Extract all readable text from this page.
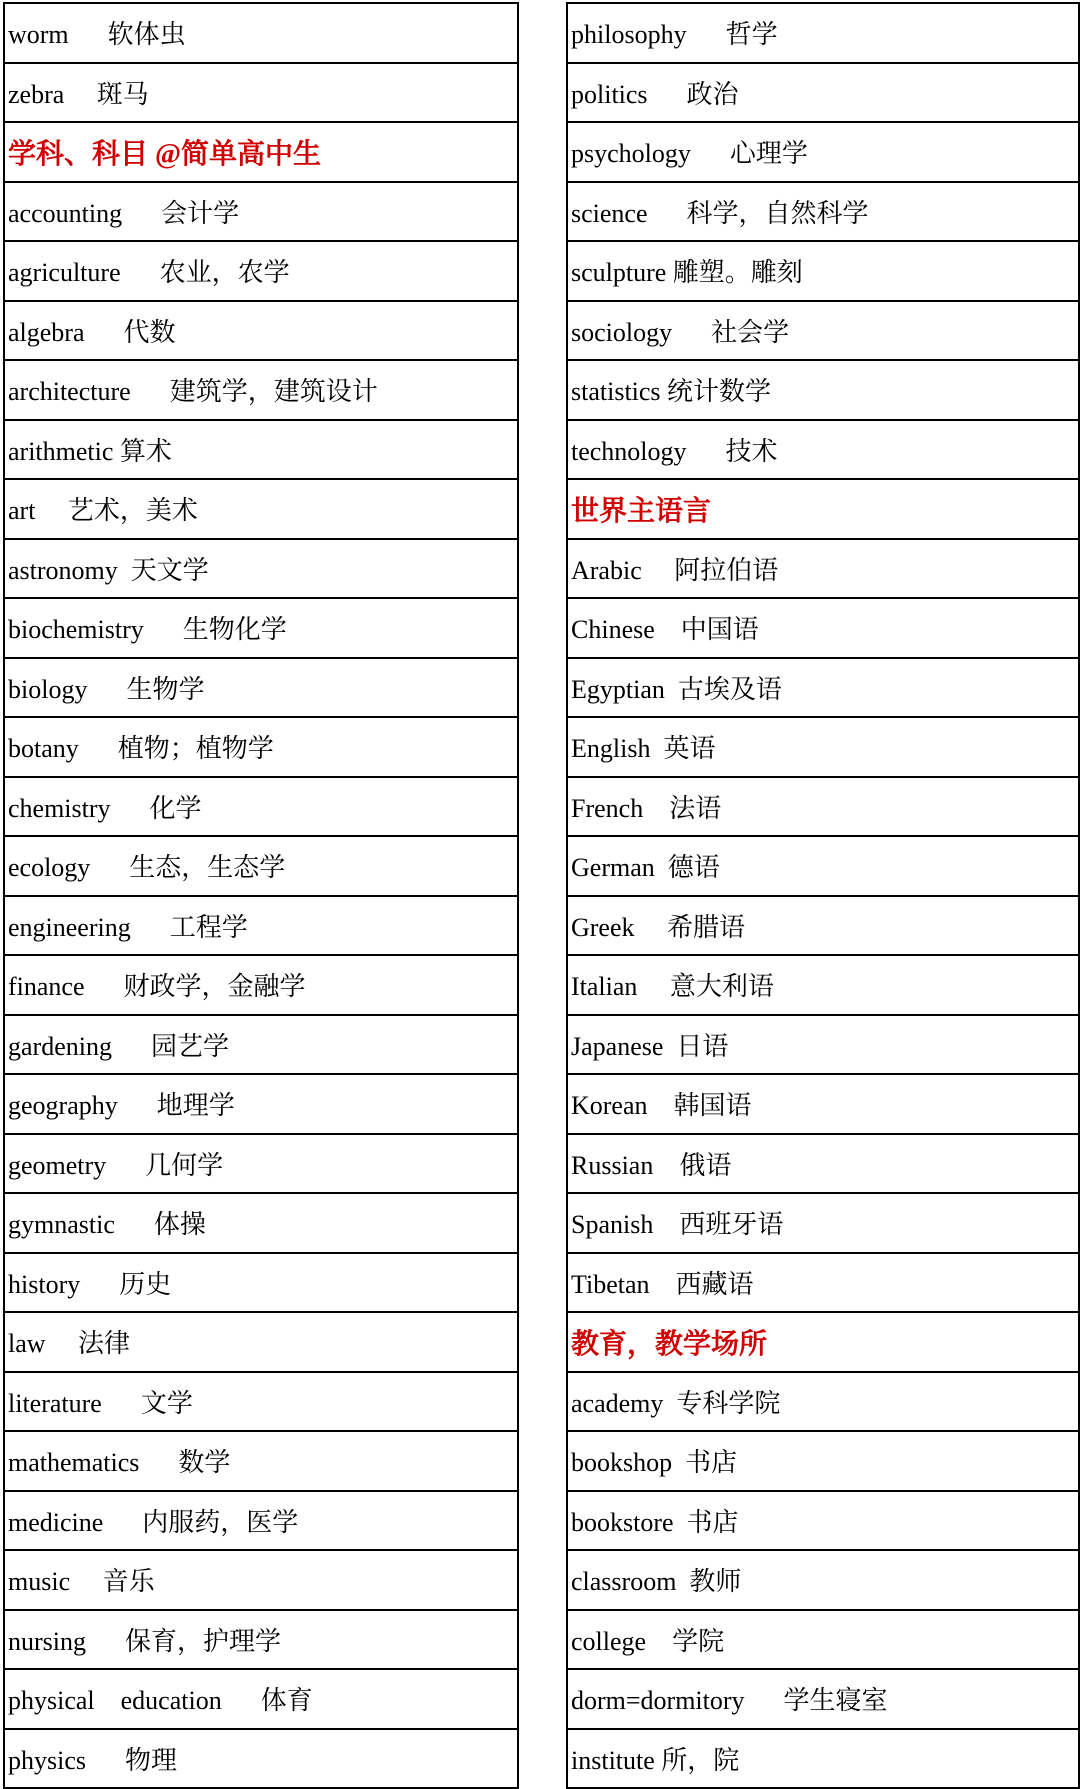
worm      软体虫
zebra     斑马
学科、科目 @简单高中生
accounting      会计学
agriculture      农业，农学
algebra      代数
architecture      建筑学，建筑设计
arithmetic 算术
art     艺术，美术
astronomy  天文学
biochemistry      生物化学
biology      生物学
botany      植物；植物学
chemistry      化学
ecology      生态，生态学
engineering      工程学
finance      财政学，金融学
gardening      园艺学
geography      地理学
geometry      几何学
gymnastic      体操
history      历史
law     法律
literature      文学
mathematics      数学
medicine      内服药，医学
music     音乐
nursing      保育，护理学
physical    education      体育
physics      物理
philosophy      哲学
politics      政治
psychology      心理学
science      科学，自然科学
sculpture 雕塑。雕刻
sociology      社会学
statistics 统计数学
technology      技术
世界主语言
Arabic     阿拉伯语
Chinese    中国语
Egyptian  古埃及语
English  英语
French    法语
German  德语
Greek     希腊语
Italian     意大利语
Japanese  日语
Korean    韩国语
Russian    俄语
Spanish    西班牙语
Tibetan    西藏语
教育，教学场所
academy  专科学院
bookshop  书店
bookstore  书店
classroom  教师
college    学院
dorm=dormitory      学生寝室
institute 所，院
